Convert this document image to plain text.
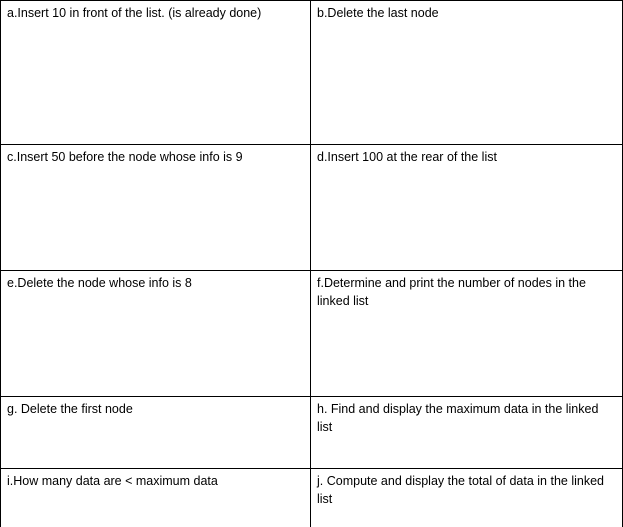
a.Insert 10 in front of the list. (is already done)	b.Delete the last node
c.Insert 50 before the node whose info is 9	d.Insert 100 at the rear of the list
e.Delete the node whose info is 8	f.Determine and print the number of nodes in the linked list
g. Delete the first node	h. Find and display the maximum data in the linked list
i.How many data are < maximum data	j. Compute and display the total of data in the linked list
